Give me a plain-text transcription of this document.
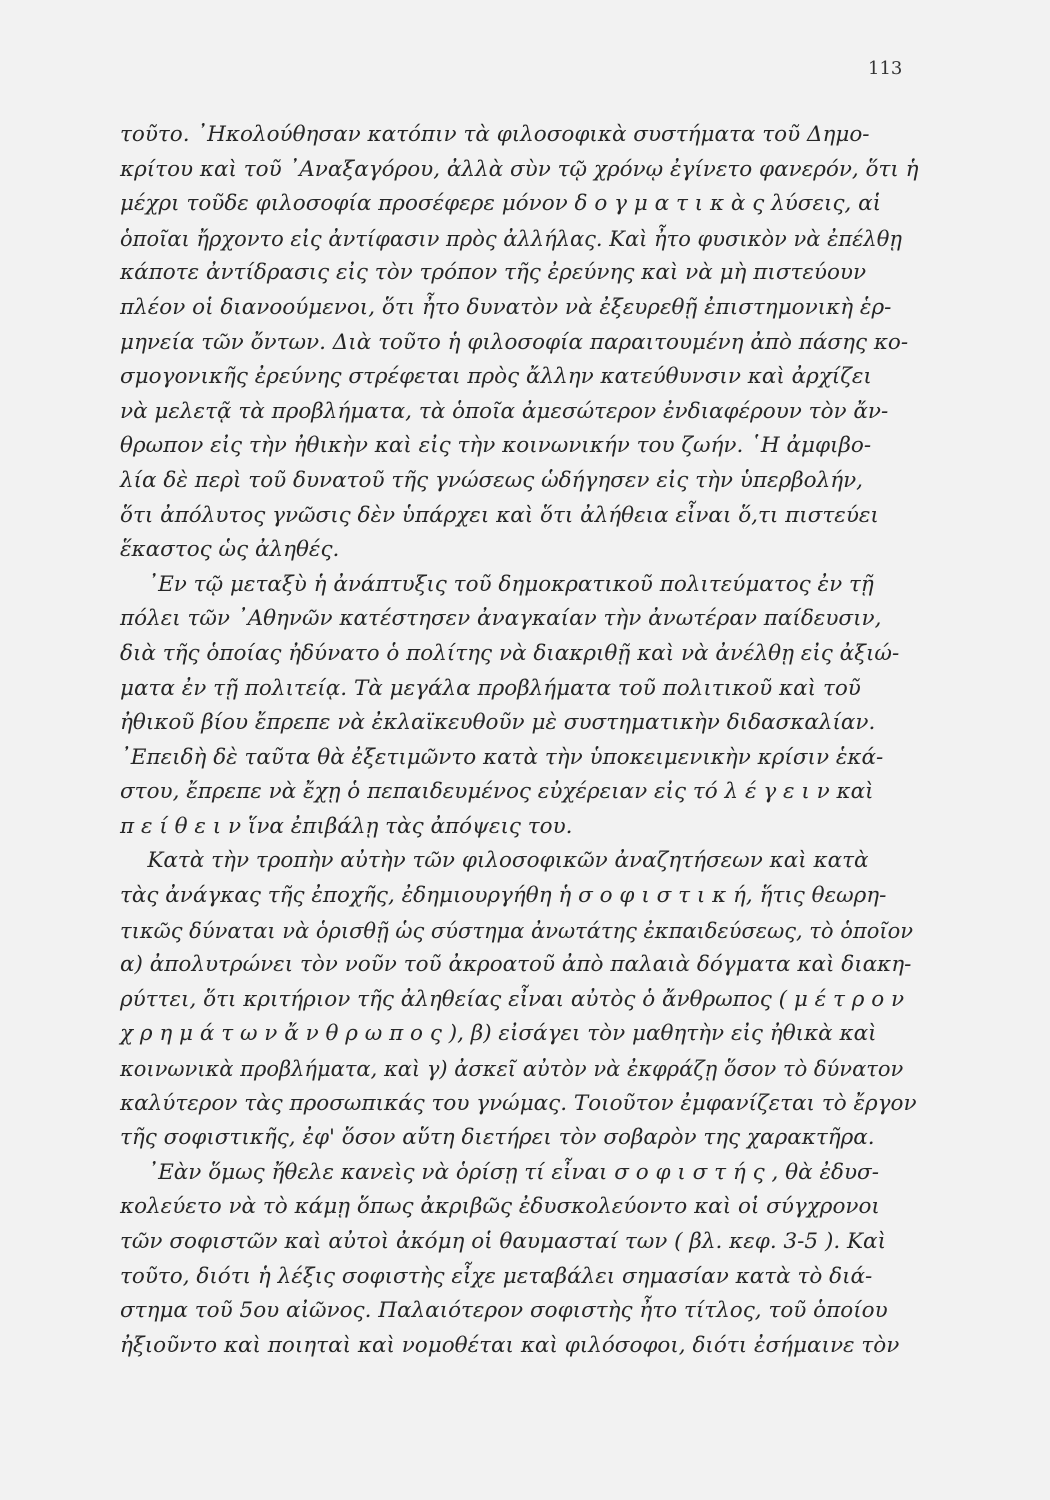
113
τοῦτο. ᾿Ηκολούθησαν κατόπιν τὰ φιλοσοφικὰ συστήματα τοῦ Δημο-
κρίτου καὶ τοῦ ᾿Αναξαγόρου, ἀλλὰ σὺν τῷ χρόνῳ ἐγίνετο φανερόν, ὅτι ἡ
μέχρι τοῦδε φιλοσοφία προσέφερε μόνον δ ο γ μ α τ ι κ ὰ ς λύσεις, αἱ
ὁποῖαι ἤρχοντο εἰς ἀντίφασιν πρὸς ἀλλήλας. Καὶ ἦτο φυσικὸν νὰ ἐπέλθῃ
κάποτε ἀντίδρασις εἰς τὸν τρόπον τῆς ἐρεύνης καὶ νὰ μὴ πιστεύουν
πλέον οἱ διανοούμενοι, ὅτι ἦτο δυνατὸν νὰ ἐξευρεθῇ ἐπιστημονικὴ ἑρ-
μηνεία τῶν ὄντων. Διὰ τοῦτο ἡ φιλοσοφία παραιτουμένη ἀπὸ πάσης κο-
σμογονικῆς ἐρεύνης στρέφεται πρὸς ἄλλην κατεύθυνσιν καὶ ἀρχίζει
νὰ μελετᾷ τὰ προβλήματα, τὰ ὁποῖα ἀμεσώτερον ἐνδιαφέρουν τὸν ἄν-
θρωπον εἰς τὴν ἠθικὴν καὶ εἰς τὴν κοινωνικήν του ζωήν. ῾Η ἀμφιβο-
λία δὲ περὶ τοῦ δυνατοῦ τῆς γνώσεως ὡδήγησεν εἰς τὴν ὑπερβολήν,
ὅτι ἀπόλυτος γνῶσις δὲν ὑπάρχει καὶ ὅτι ἀλήθεια εἶναι ὅ,τι πιστεύει
ἕκαστος ὡς ἀληθές.
᾿Εν τῷ μεταξὺ ἡ ἀνάπτυξις τοῦ δημοκρατικοῦ πολιτεύματος ἐν τῇ
πόλει τῶν ᾿Αθηνῶν κατέστησεν ἀναγκαίαν τὴν ἀνωτέραν παίδευσιν,
διὰ τῆς ὁποίας ἠδύνατο ὁ πολίτης νὰ διακριθῇ καὶ νὰ ἀνέλθῃ εἰς ἀξιώ-
ματα ἐν τῇ πολιτείᾳ. Τὰ μεγάλα προβλήματα τοῦ πολιτικοῦ καὶ τοῦ
ἠθικοῦ βίου ἔπρεπε νὰ ἐκλαϊκευθοῦν μὲ συστηματικὴν διδασκαλίαν.
᾿Επειδὴ δὲ ταῦτα θὰ ἐξετιμῶντο κατὰ τὴν ὑποκειμενικὴν κρίσιν ἑκά-
στου, ἔπρεπε νὰ ἔχῃ ὁ πεπαιδευμένος εὐχέρειαν εἰς τό λ έ γ ε ι ν καὶ
π ε ί θ ε ι ν ἵνα ἐπιβάλῃ τὰς ἀπόψεις του.
Κατὰ τὴν τροπὴν αὐτὴν τῶν φιλοσοφικῶν ἀναζητήσεων καὶ κατὰ
τὰς ἀνάγκας τῆς ἐποχῆς, ἐδημιουργήθη ἡ σ ο φ ι σ τ ι κ ή, ἥτις θεωρη-
τικῶς δύναται νὰ ὁρισθῇ ὡς σύστημα ἀνωτάτης ἐκπαιδεύσεως, τὸ ὁποῖον
α) ἀπολυτρώνει τὸν νοῦν τοῦ ἀκροατοῦ ἀπὸ παλαιὰ δόγματα καὶ διακη-
ρύττει, ὅτι κριτήριον τῆς ἀληθείας εἶναι αὐτὸς ὁ ἄνθρωπος ( μ έ τ ρ ο ν
χ ρ η μ ά τ ω ν ἄ ν θ ρ ω π ο ς ), β) εἰσάγει τὸν μαθητὴν εἰς ἠθικὰ καὶ
κοινωνικὰ προβλήματα, καὶ γ) ἀσκεῖ αὐτὸν νὰ ἐκφράζῃ ὅσον τὸ δύνατον
καλύτερον τὰς προσωπικάς του γνώμας. Τοιοῦτον ἐμφανίζεται τὸ ἔργον
τῆς σοφιστικῆς, ἐφ' ὅσον αὕτη διετήρει τὸν σοβαρὸν της χαρακτῆρα.
᾿Εὰν ὅμως ἤθελε κανεὶς νὰ ὁρίσῃ τί εἶναι σ ο φ ι σ τ ή ς , θὰ ἐδυσ-
κολεύετο νὰ τὸ κάμῃ ὅπως ἀκριβῶς ἐδυσκολεύοντο καὶ οἱ σύγχρονοι
τῶν σοφιστῶν καὶ αὐτοὶ ἀκόμη οἱ θαυμασταί των ( βλ. κεφ. 3-5 ). Καὶ
τοῦτο, διότι ἡ λέξις σοφιστὴς εἶχε μεταβάλει σημασίαν κατὰ τὸ διά-
στημα τοῦ 5ου αἰῶνος. Παλαιότερον σοφιστὴς ἦτο τίτλος, τοῦ ὁποίου
ἠξιοῦντο καὶ ποιηταὶ καὶ νομοθέται καὶ φιλόσοφοι, διότι ἐσήμαινε τὸν
